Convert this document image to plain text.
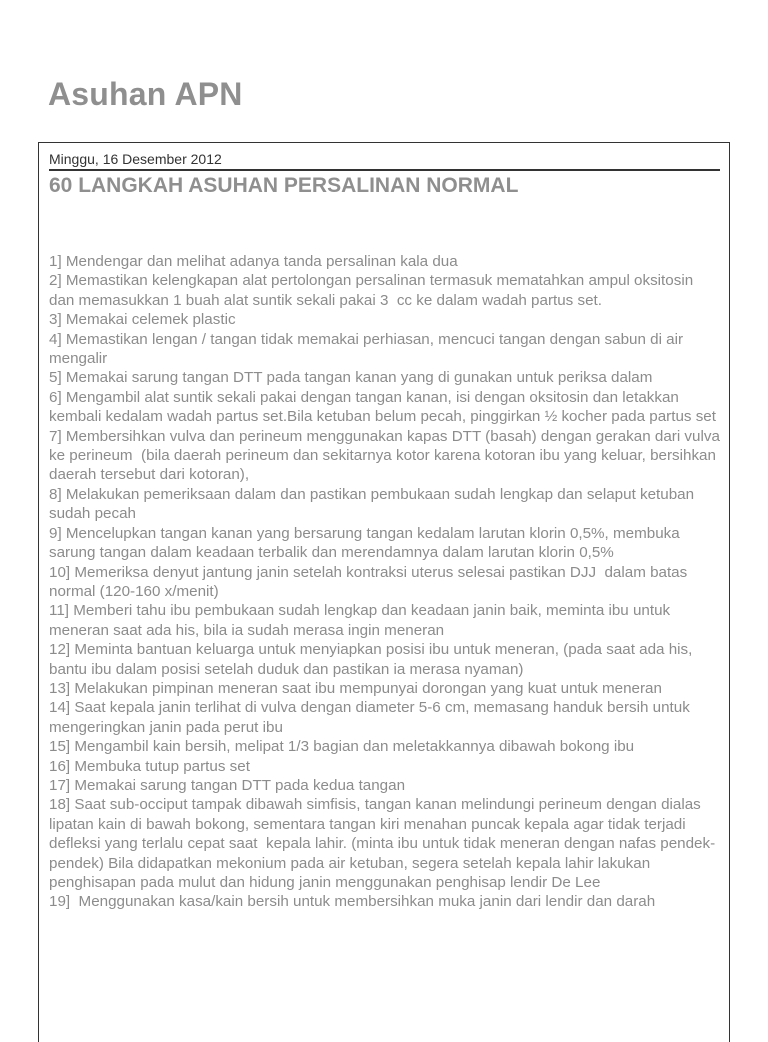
Asuhan APN
Minggu, 16 Desember 2012
60 LANGKAH ASUHAN PERSALINAN NORMAL

1] Mendengar dan melihat adanya tanda persalinan kala dua

2] Memastikan kelengkapan alat pertolongan persalinan termasuk mematahkan ampul oksitosin dan memasukkan 1 buah alat suntik sekali pakai 3  cc ke dalam wadah partus set.

3] Memakai celemek plastic

4] Memastikan lengan / tangan tidak memakai perhiasan, mencuci tangan dengan sabun di air mengalir

5] Memakai sarung tangan DTT pada tangan kanan yang di gunakan untuk periksa dalam

6] Mengambil alat suntik sekali pakai dengan tangan kanan, isi dengan oksitosin dan letakkan kembali kedalam wadah partus set.Bila ketuban belum pecah, pinggirkan ½ kocher pada partus set

7] Membersihkan vulva dan perineum menggunakan kapas DTT (basah) dengan gerakan dari vulva ke perineum  (bila daerah perineum dan sekitarnya kotor karena kotoran ibu yang keluar, bersihkan daerah tersebut dari kotoran),

8] Melakukan pemeriksaan dalam dan pastikan pembukaan sudah lengkap dan selaput ketuban sudah pecah

9] Mencelupkan tangan kanan yang bersarung tangan kedalam larutan klorin 0,5%, membuka sarung tangan dalam keadaan terbalik dan merendamnya dalam larutan klorin 0,5%

10] Memeriksa denyut jantung janin setelah kontraksi uterus selesai pastikan DJJ  dalam batas normal (120-160 x/menit)

11] Memberi tahu ibu pembukaan sudah lengkap dan keadaan janin baik, meminta ibu untuk meneran saat ada his, bila ia sudah merasa ingin meneran

12] Meminta bantuan keluarga untuk menyiapkan posisi ibu untuk meneran, (pada saat ada his, bantu ibu dalam posisi setelah duduk dan pastikan ia merasa nyaman)

13] Melakukan pimpinan meneran saat ibu mempunyai dorongan yang kuat untuk meneran

14] Saat kepala janin terlihat di vulva dengan diameter 5-6 cm, memasang handuk bersih untuk mengeringkan janin pada perut ibu

15] Mengambil kain bersih, melipat 1/3 bagian dan meletakkannya dibawah bokong ibu

16] Membuka tutup partus set

17] Memakai sarung tangan DTT pada kedua tangan

18] Saat sub-occiput tampak dibawah simfisis, tangan kanan melindungi perineum dengan dialas lipatan kain di bawah bokong, sementara tangan kiri menahan puncak kepala agar tidak terjadi defleksi yang terlalu cepat saat  kepala lahir. (minta ibu untuk tidak meneran dengan nafas pendek-pendek) Bila didapatkan mekonium pada air ketuban, segera setelah kepala lahir lakukan penghisapan pada mulut dan hidung janin menggunakan penghisap lendir De Lee

19]  Menggunakan kasa/kain bersih untuk membersihkan muka janin dari lendir dan darah
